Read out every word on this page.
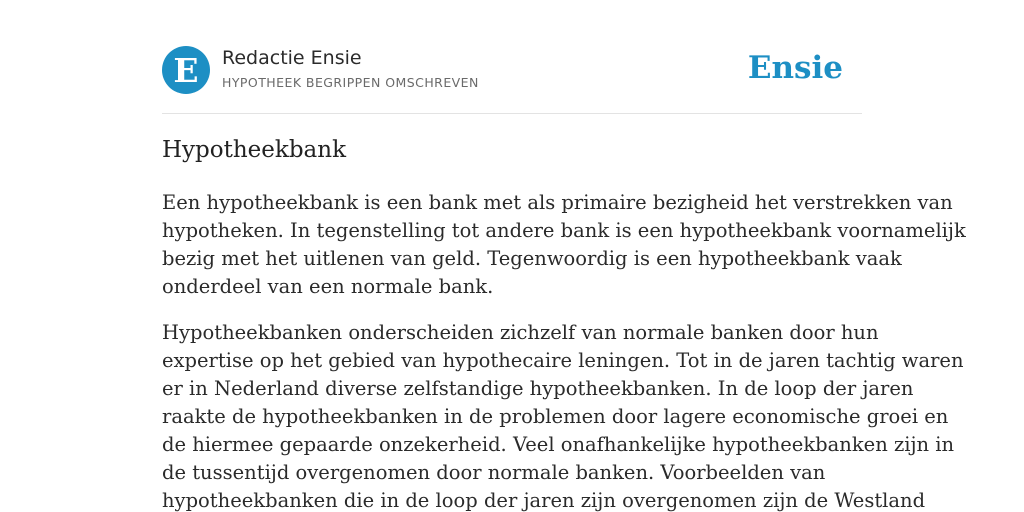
E Redactie Ensie
HYPOTHEEK BEGRIPPEN OMSCHREVEN	Ensie
Hypotheekbank

Een hypotheekbank is een bank met als primaire bezigheid het verstrekken van
hypotheken. In tegenstelling tot andere bank is een hypotheekbank voornamelijk
bezig met het uitlenen van geld. Tegenwoordig is een hypotheekbank vaak
onderdeel van een normale bank.

Hypotheekbanken onderscheiden zichzelf van normale banken door hun
expertise op het gebied van hypothecaire leningen. Tot in de jaren tachtig waren
er in Nederland diverse zelfstandige hypotheekbanken. In de loop der jaren
raakte de hypotheekbanken in de problemen door lagere economische groei en
de hiermee gepaarde onzekerheid. Veel onafhankelijke hypotheekbanken zijn in
de tussentijd overgenomen door normale banken. Voorbeelden van
hypotheekbanken die in de loop der jaren zijn overgenomen zijn de Westland
